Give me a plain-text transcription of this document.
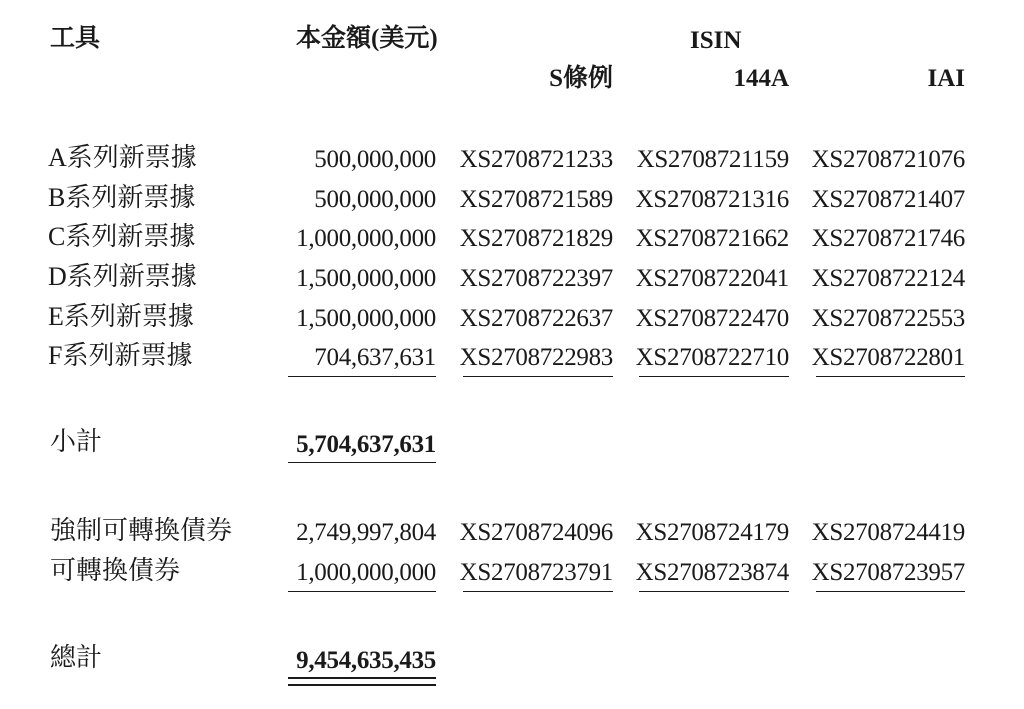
工具	本金額(美元)	ISIN
S條例	144A	IAI
A系列新票據	500,000,000 XS2708721233 XS2708721159 XS2708721076
B系列新票據	500,000,000 XS2708721589 XS2708721316 XS2708721407
C系列新票據	1,000,000,000 XS2708721829 XS2708721662 XS2708721746
D系列新票據	1,500,000,000 XS2708722397 XS2708722041 XS2708722124
E系列新票據	1,500,000,000 XS2708722637 XS2708722470 XS2708722553
F系列新票據	704,637,631 XS2708722983 XS2708722710 XS2708722801
小計	5,704,637,631
強制可轉換債券	2,749,997,804 XS2708724096 XS2708724179 XS2708724419
可轉換債券	1,000,000,000 XS2708723791 XS2708723874 XS2708723957
總計	9,454,635,435
